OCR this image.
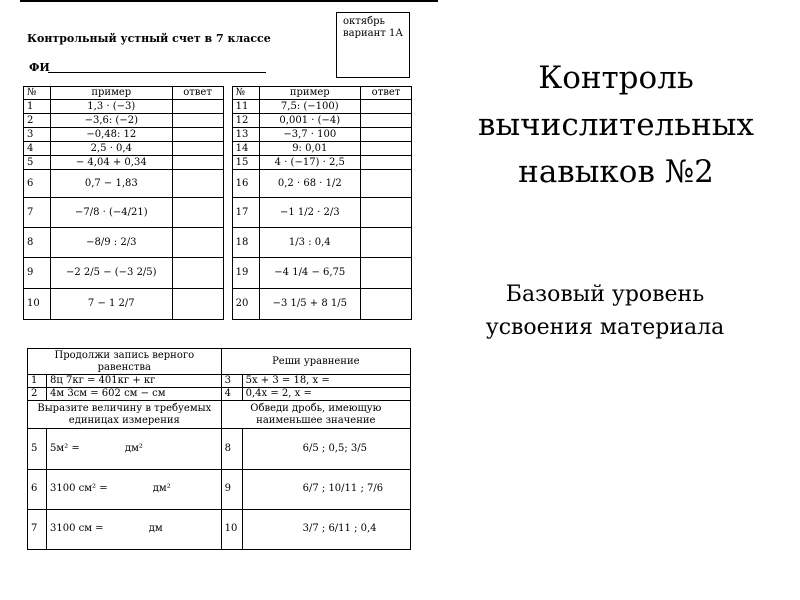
Контрольный устный счет в 7 классе
ФИ
октябрь
вариант 1А
№	пример	ответ		№	пример	ответ
1	1,3 · (−3)			11	7,5: (−100)	
2	−3,6: (−2)			12	0,001 · (−4)	
3	−0,48: 12			13	−3,7 · 100	
4	2,5 · 0,4			14	9: 0,01	
5	− 4,04 + 0,34			15	4 · (−17) · 2,5	
6	0,7 − 1,83			16	0,2 · 68 · 1/2	
7	−7/8 · (−4/21)			17	−1 1/2 · 2/3	
8	−8/9 : 2/3			18	1/3 : 0,4	
9	−2 2/5 − (−3 2/5)			19	−4 1/4 − 6,75	
10	7 − 1 2/7			20	−3 1/5 + 8 1/5	
Продолжи запись верного равенства		Реши уравнение	
1	8ц 7кг = 401кг + кг	3	5х + 3 = 18, х =
2	4м 3см = 602 см − см	4	0,4х = 2, х =
Выразите величину в требуемых единицах измерения		Обведи дробь, имеющую наименьшее значение	
5	5м² = дм²	8	6/5 ; 0,5; 3/5
6	3100 см² = дм²	9	6/7 ; 10/11 ; 7/6
7	3100 см = дм	10	3/7 ; 6/11 ; 0,4
Контроль
вычислительных
навыков №2
Базовый уровень
усвоения материала
